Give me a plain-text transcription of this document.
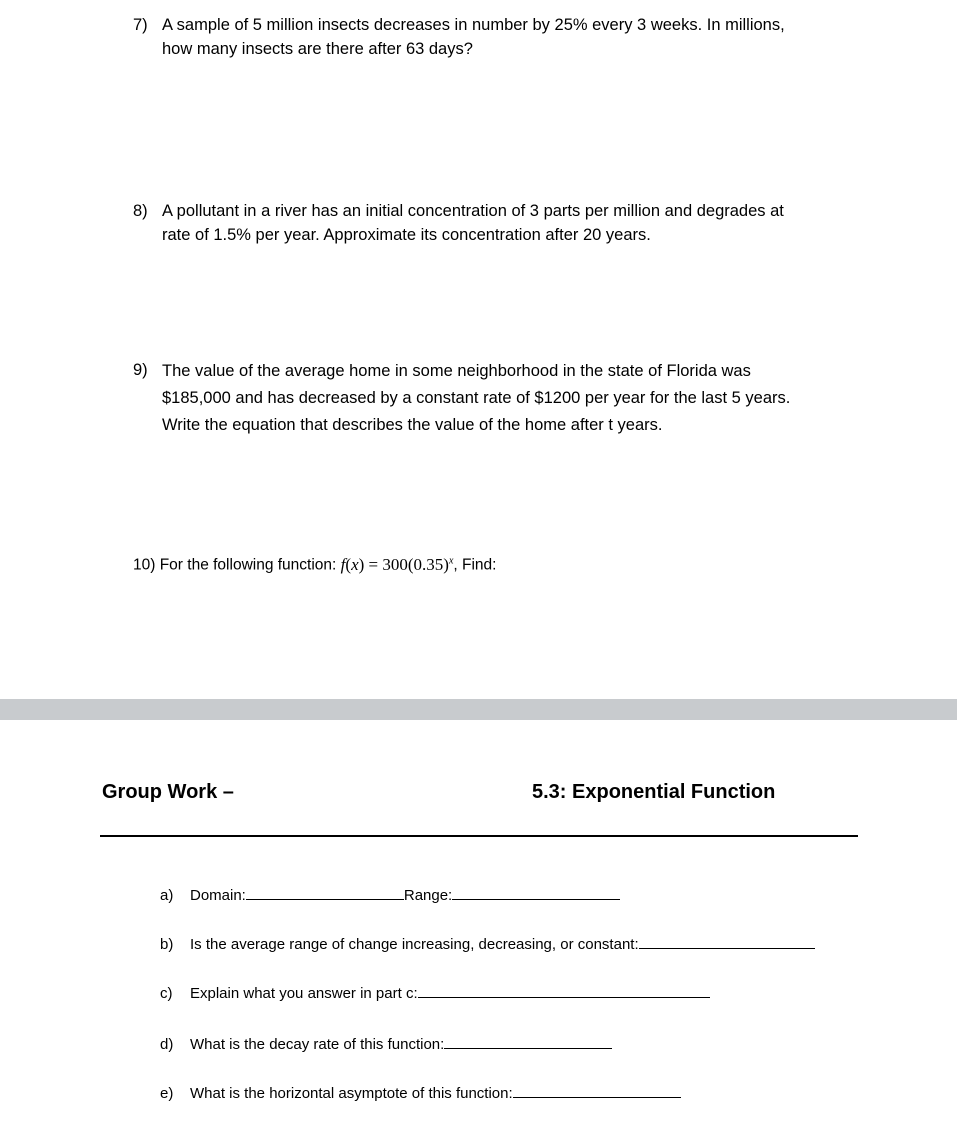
7) A sample of 5 million insects decreases in number by 25% every 3 weeks. In millions,
how many insects are there after 63 days?
8) A pollutant in a river has an initial concentration of 3 parts per million and degrades at
rate of 1.5% per year. Approximate its concentration after 20 years.
9) The value of the average home in some neighborhood in the state of Florida was
$185,000 and has decreased by a constant rate of $1200 per year for the last 5 years.
Write the equation that describes the value of the home after t years.
10) For the following function: $f(x) = 300(0.35)^x$, Find:
Group Work –	5.3: Exponential Function
a) Domain:	Range:
b) Is the average range of change increasing, decreasing, or constant:
c) Explain what you answer in part c:
d) What is the decay rate of this function:
e) What is the horizontal asymptote of this function:
